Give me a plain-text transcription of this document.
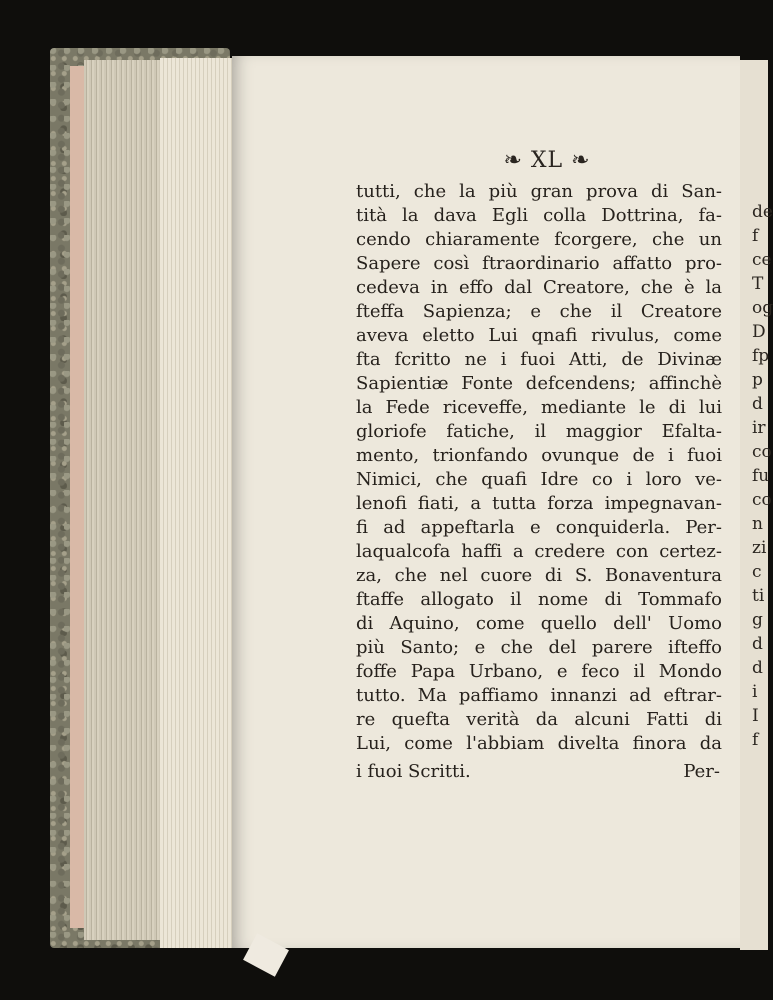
de
f
ce
T
og
D
fp
p
d
ir
co
fu
co
n
zi
c
ti
g
d
d
i
I
f
❧ XL ❧
tutti, che la più gran prova di San-
tità la dava Egli colla Dottrina, fa-
cendo chiaramente fcorgere, che un
Sapere così ftraordinario affatto pro-
cedeva in effo dal Creatore, che è la
fteffa Sapienza; e che il Creatore
aveva eletto Lui qnafi rivulus, come
fta fcritto ne i fuoi Atti, de Divinæ
Sapientiæ Fonte defcendens; affinchè
la Fede riceveffe, mediante le di lui
gloriofe fatiche, il maggior Efalta-
mento, trionfando ovunque de i fuoi
Nimici, che quafi Idre co i loro ve-
lenofi fiati, a tutta forza impegnavan-
fi ad appeftarla e conquiderla. Per-
laqualcofa haffi a credere con certez-
za, che nel cuore di S. Bonaventura
ftaffe allogato il nome di Tommafo
di Aquino, come quello dell' Uomo
più Santo; e che del parere ifteffo
foffe Papa Urbano, e feco il Mondo
tutto. Ma paffiamo innanzi ad eftrar-
re quefta verità da alcuni Fatti di
Lui, come l'abbiam divelta finora da
i fuoi Scritti.	Per-
